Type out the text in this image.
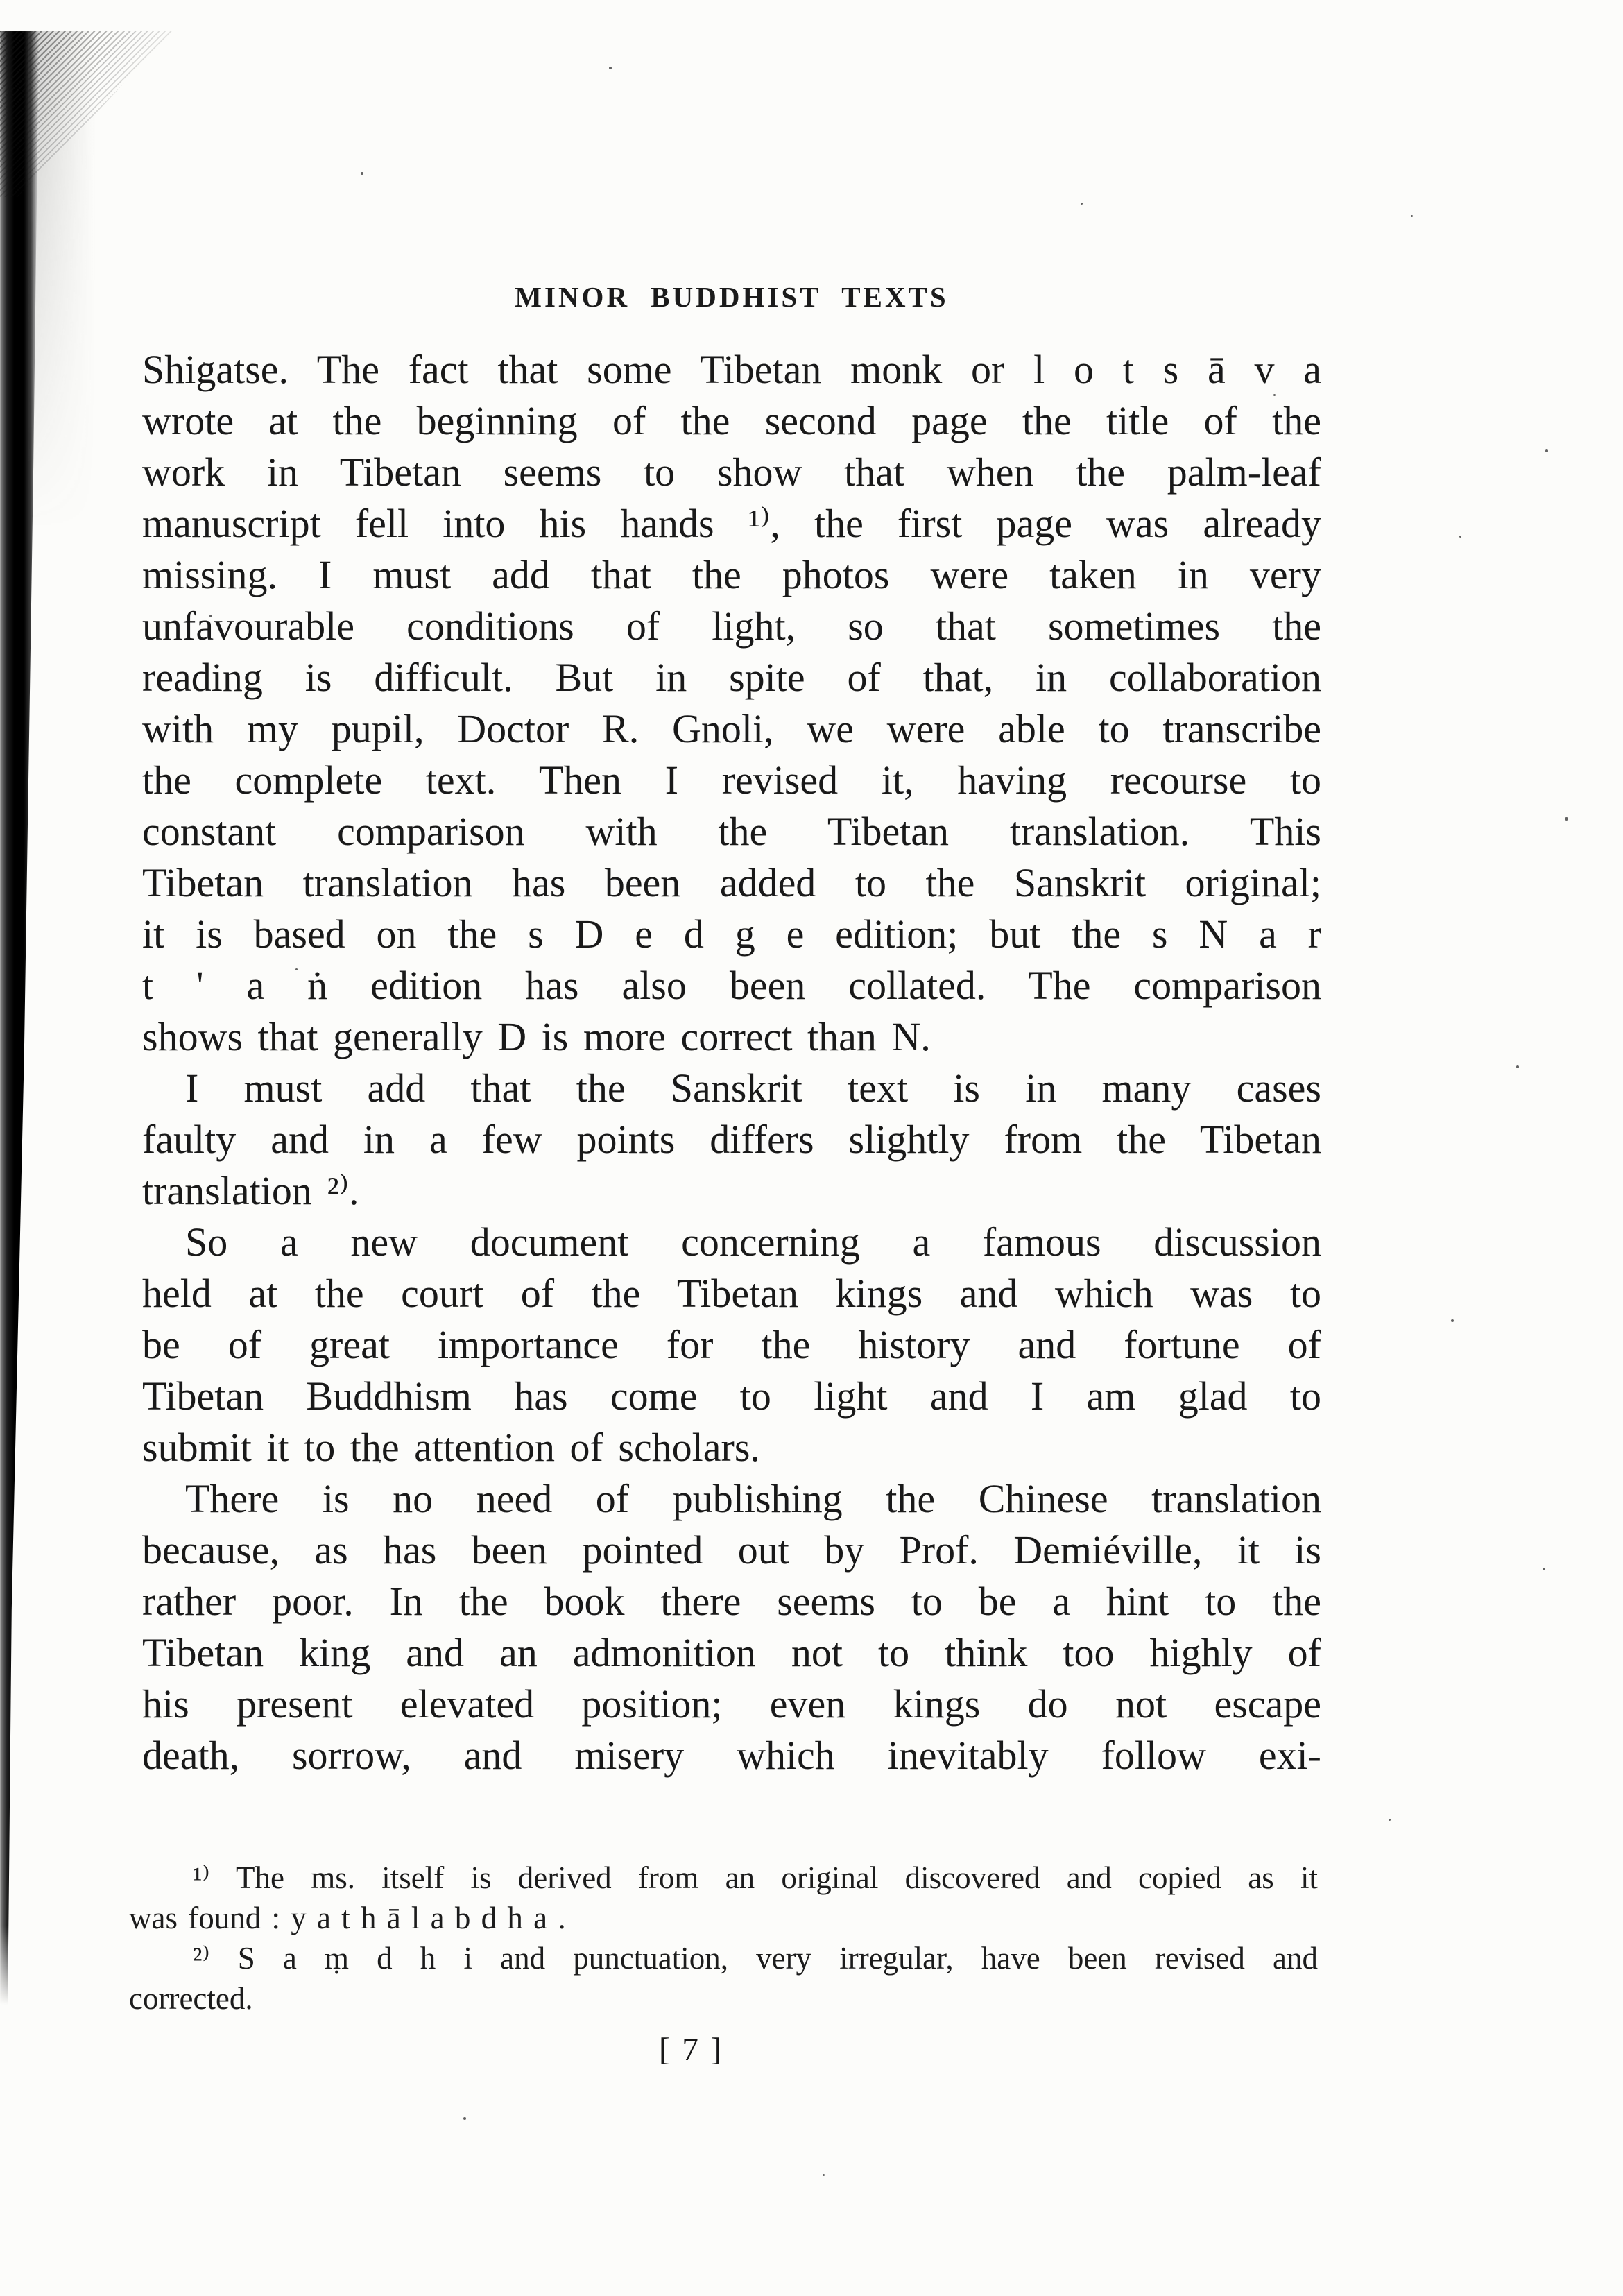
MINOR BUDDHIST TEXTS
Shigatse. The fact that some Tibetan monk or l o t s ā v a
wrote at the beginning of the second page the title of the
work in Tibetan seems to show that when the palm-leaf
manuscript fell into his hands ¹⁾, the first page was already
missing. I must add that the photos were taken in very
unfavourable conditions of light, so that sometimes the
reading is difficult. But in spite of that, in collaboration
with my pupil, Doctor R. Gnoli, we were able to transcribe
the complete text. Then I revised it, having recourse to
constant comparison with the Tibetan translation. This
Tibetan translation has been added to the Sanskrit original;
it is based on the s D e d g e edition; but the s N a r
t ' a ṅ edition has also been collated. The comparison
shows that generally D is more correct than N.
I must add that the Sanskrit text is in many cases
faulty and in a few points differs slightly from the Tibetan
translation ²⁾.
So a new document concerning a famous discussion
held at the court of the Tibetan kings and which was to
be of great importance for the history and fortune of
Tibetan Buddhism has come to light and I am glad to
submit it to the attention of scholars.
There is no need of publishing the Chinese translation
because, as has been pointed out by Prof. Demiéville, it is
rather poor. In the book there seems to be a hint to the
Tibetan king and an admonition not to think too highly of
his present elevated position; even kings do not escape
death, sorrow, and misery which inevitably follow exi-
¹⁾ The ms. itself is derived from an original discovered and copied as it
was found : y a t h ā l a b d h a .
²⁾ S a ṃ d h i and punctuation, very irregular, have been revised and
corrected.
[ 7 ]
